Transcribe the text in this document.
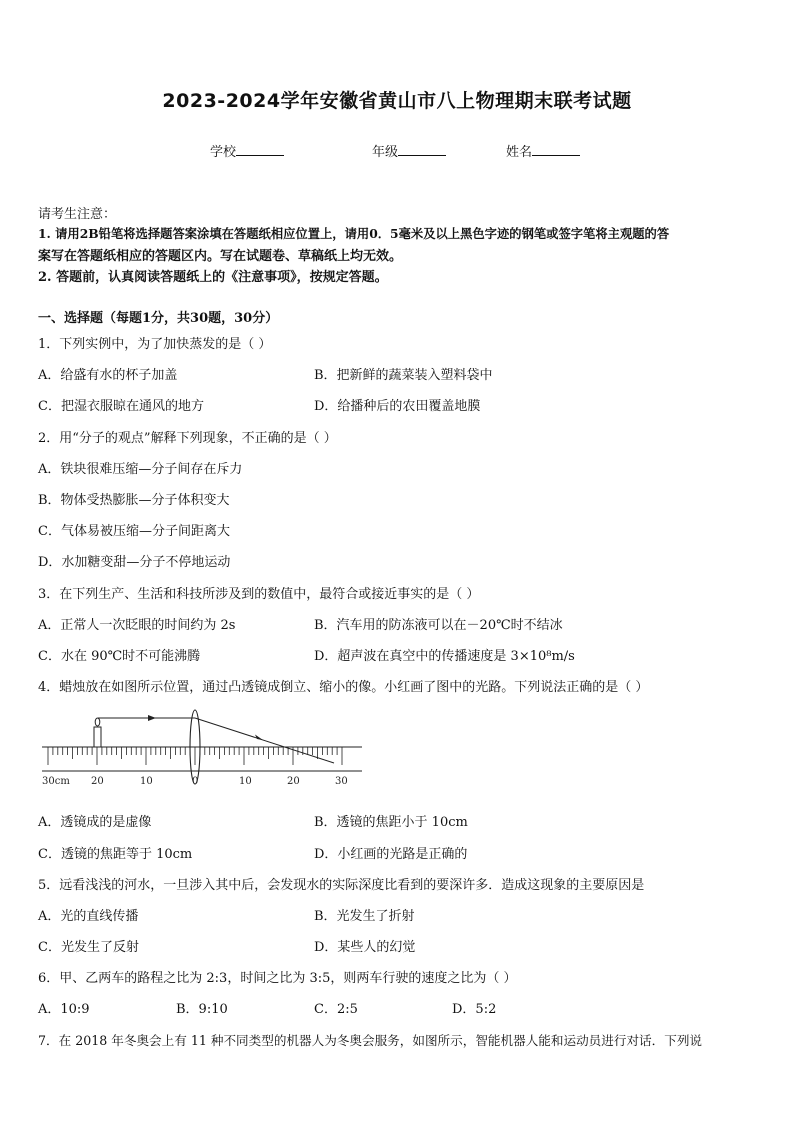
2023-2024学年安徽省黄山市八上物理期末联考试题
学校	年级	姓名
请考生注意：
1. 请用2B铅笔将选择题答案涂填在答题纸相应位置上，请用0．5毫米及以上黑色字迹的钢笔或签字笔将主观题的答
案写在答题纸相应的答题区内。写在试题卷、草稿纸上均无效。
2. 答题前，认真阅读答题纸上的《注意事项》，按规定答题。
一、选择题（每题1分，共30题，30分）
1．下列实例中，为了加快蒸发的是（ ）
A．给盛有水的杯子加盖	B．把新鲜的蔬菜装入塑料袋中
C．把湿衣服晾在通风的地方	D．给播种后的农田覆盖地膜
2．用“分子的观点”解释下列现象，不正确的是（ ）
A．铁块很难压缩—分子间存在斥力
B．物体受热膨胀—分子体积变大
C．气体易被压缩—分子间距离大
D．水加糖变甜—分子不停地运动
3．在下列生产、生活和科技所涉及到的数值中，最符合或接近事实的是（ ）
A．正常人一次眨眼的时间约为 2s	B．汽车用的防冻液可以在－20℃时不结冰
C．水在 90℃时不可能沸腾	D．超声波在真空中的传播速度是 3×10⁸m/s
4．蜡烛放在如图所示位置，通过凸透镜成倒立、缩小的像。小红画了图中的光路。下列说法正确的是（ ）
30cm 20	10	0	10	20	30
A．透镜成的是虚像	B．透镜的焦距小于 10cm
C．透镜的焦距等于 10cm	D．小红画的光路是正确的
5．远看浅浅的河水，一旦涉入其中后，会发现水的实际深度比看到的要深许多．造成这现象的主要原因是
A．光的直线传播	B．光发生了折射
C．光发生了反射	D．某些人的幻觉
6．甲、乙两车的路程之比为 2:3，时间之比为 3:5，则两车行驶的速度之比为（ ）
A．10:9	B．9:10	C．2:5	D．5:2
7．在 2018 年冬奥会上有 11 种不同类型的机器人为冬奥会服务，如图所示，智能机器人能和运动员进行对话．下列说
